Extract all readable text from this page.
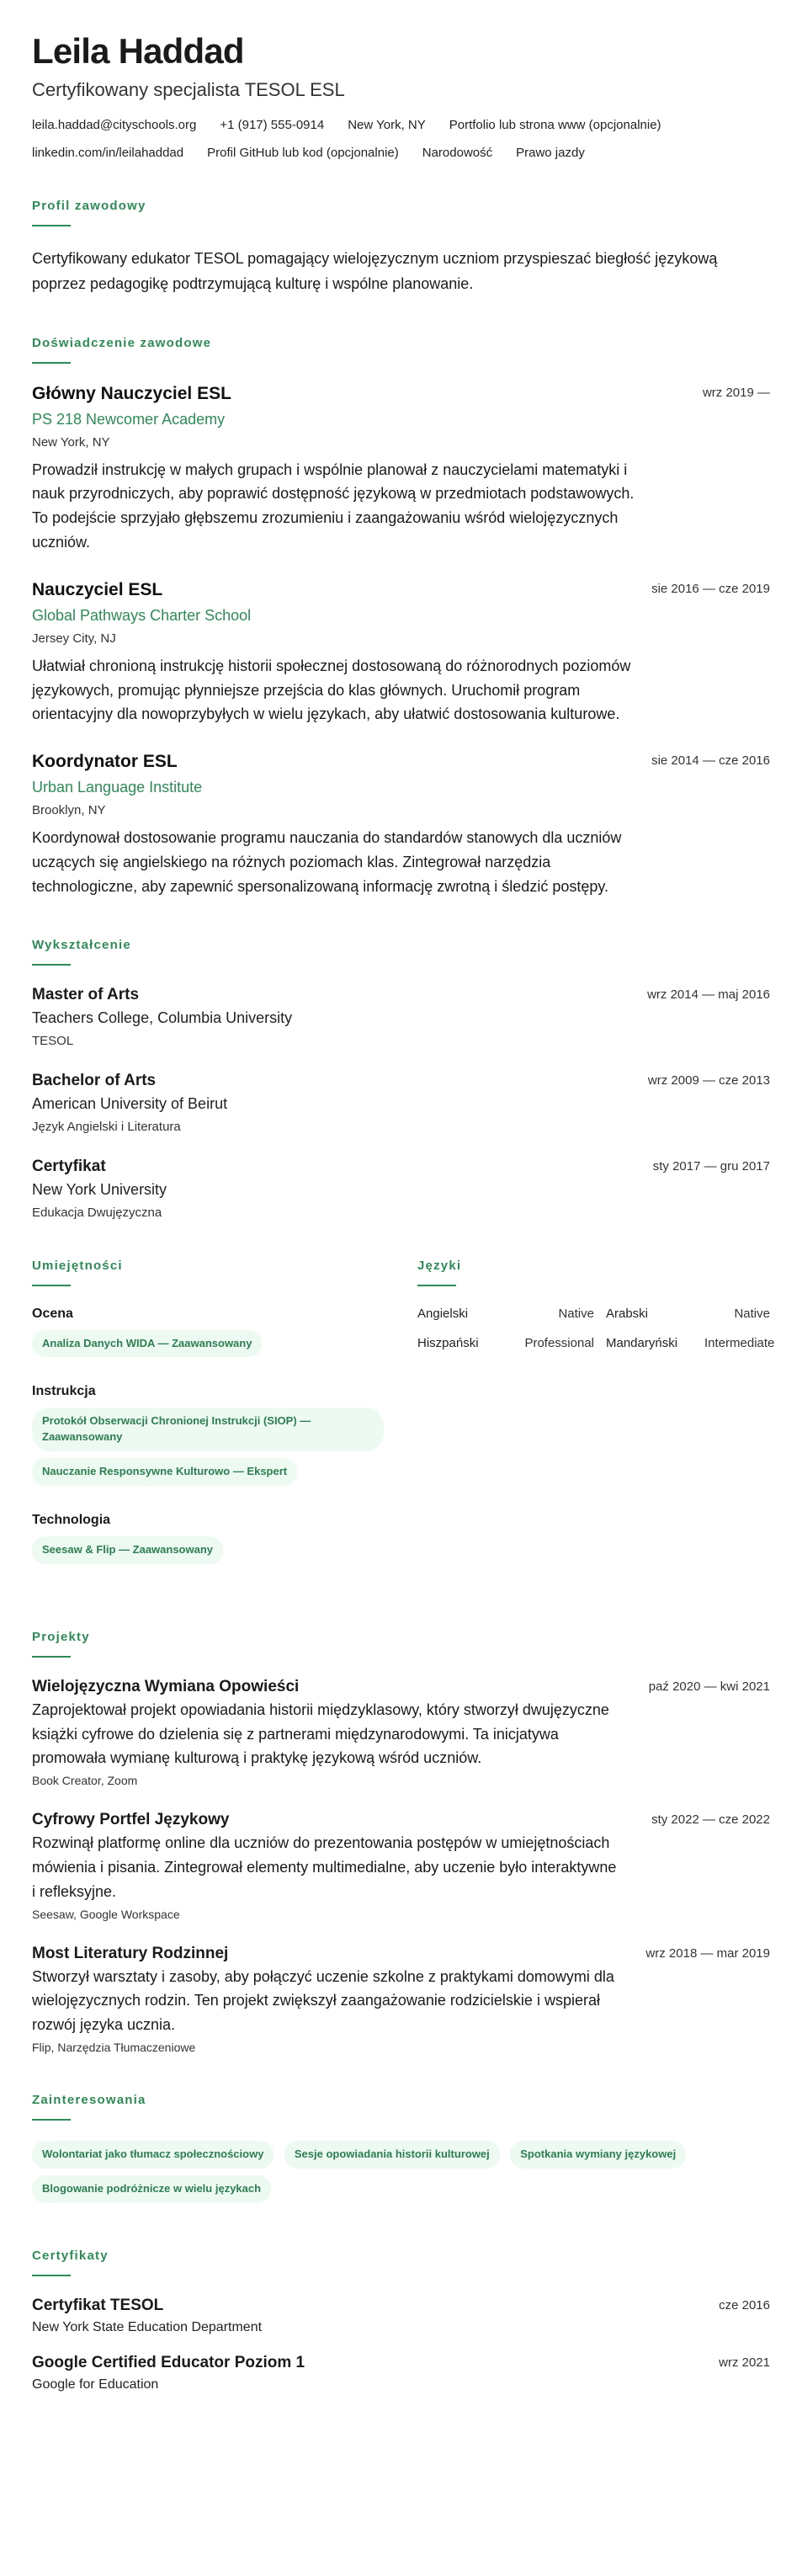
Leila Haddad
Certyfikowany specjalista TESOL ESL
leila.haddad@cityschools.org +1 (917) 555-0914 New York, NY Portfolio lub strona www (opcjonalnie)
linkedin.com/in/leilahaddad Profil GitHub lub kod (opcjonalnie) Narodowość Prawo jazdy
Profil zawodowy
Certyfikowany edukator TESOL pomagający wielojęzycznym uczniom przyspieszać biegłość językową poprzez pedagogikę podtrzymującą kulturę i wspólne planowanie.
Doświadczenie zawodowe
Główny Nauczyciel ESL	wrz 2019 —
PS 218 Newcomer Academy
New York, NY
Prowadził instrukcję w małych grupach i wspólnie planował z nauczycielami matematyki i nauk przyrodniczych, aby poprawić dostępność językową w przedmiotach podstawowych. To podejście sprzyjało głębszemu zrozumieniu i zaangażowaniu wśród wielojęzycznych uczniów.
Nauczyciel ESL	sie 2016 — cze 2019
Global Pathways Charter School
Jersey City, NJ
Ułatwiał chronioną instrukcję historii społecznej dostosowaną do różnorodnych poziomów językowych, promując płynniejsze przejścia do klas głównych. Uruchomił program orientacyjny dla nowoprzybyłych w wielu językach, aby ułatwić dostosowania kulturowe.
Koordynator ESL	sie 2014 — cze 2016
Urban Language Institute
Brooklyn, NY
Koordynował dostosowanie programu nauczania do standardów stanowych dla uczniów uczących się angielskiego na różnych poziomach klas. Zintegrował narzędzia technologiczne, aby zapewnić spersonalizowaną informację zwrotną i śledzić postępy.
Wykształcenie
Master of Arts	wrz 2014 — maj 2016
Teachers College, Columbia University
TESOL
Bachelor of Arts	wrz 2009 — cze 2013
American University of Beirut
Język Angielski i Literatura
Certyfikat	sty 2017 — gru 2017
New York University
Edukacja Dwujęzyczna
Umiejętności
Ocena
Analiza Danych WIDA — Zaawansowany
Instrukcja
Protokół Obserwacji Chronionej Instrukcji (SIOP) — Zaawansowany Nauczanie Responsywne Kulturowo — Ekspert
Technologia
Seesaw & Flip — Zaawansowany
Języki
Angielski	Native Arabski	Native
Hiszpański	Professional Mandaryński	Intermediate
Projekty
Wielojęzyczna Wymiana Opowieści	paź 2020 — kwi 2021
Zaprojektował projekt opowiadania historii międzyklasowy, który stworzył dwujęzyczne książki cyfrowe do dzielenia się z partnerami międzynarodowymi. Ta inicjatywa promowała wymianę kulturową i praktykę językową wśród uczniów.
Book Creator, Zoom
Cyfrowy Portfel Językowy	sty 2022 — cze 2022
Rozwinął platformę online dla uczniów do prezentowania postępów w umiejętnościach mówienia i pisania. Zintegrował elementy multimedialne, aby uczenie było interaktywne i refleksyjne.
Seesaw, Google Workspace
Most Literatury Rodzinnej	wrz 2018 — mar 2019
Stworzył warsztaty i zasoby, aby połączyć uczenie szkolne z praktykami domowymi dla wielojęzycznych rodzin. Ten projekt zwiększył zaangażowanie rodzicielskie i wspierał rozwój języka ucznia.
Flip, Narzędzia Tłumaczeniowe
Zainteresowania
Wolontariat jako tłumacz społecznościowy	Sesje opowiadania historii kulturowej	Spotkania wymiany językowej Blogowanie podróżnicze w wielu językach
Certyfikaty
Certyfikat TESOL	cze 2016
New York State Education Department
Google Certified Educator Poziom 1	wrz 2021
Google for Education
